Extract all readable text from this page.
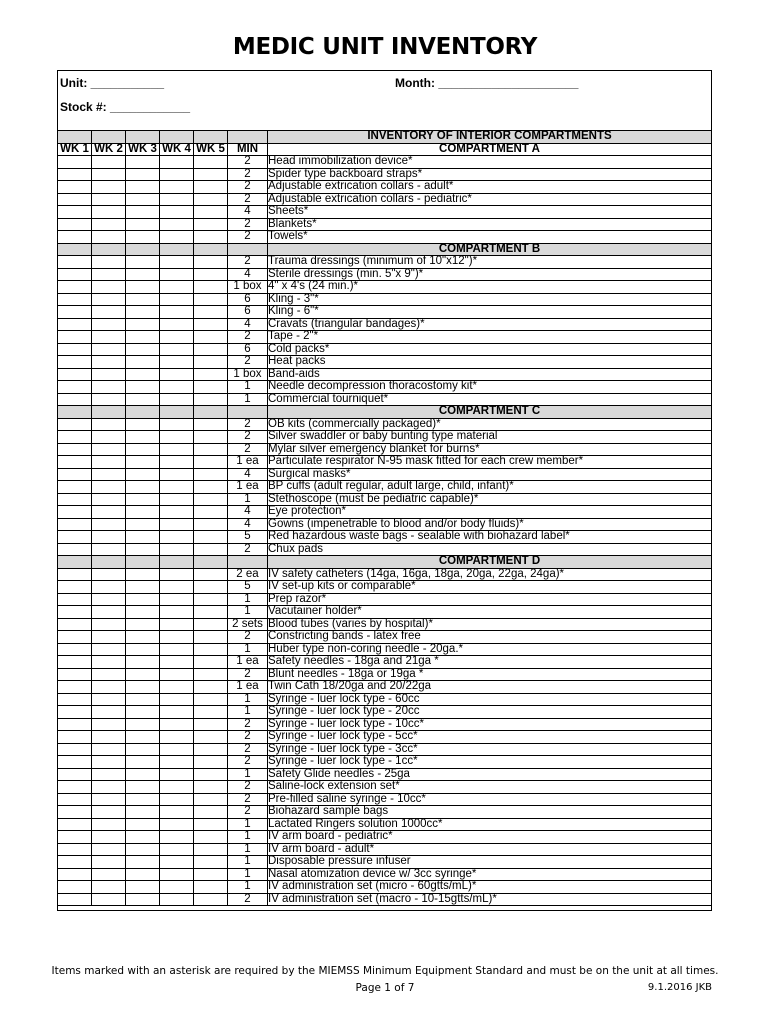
MEDIC UNIT INVENTORY
Unit: ___________	Month: _____________________
Stock #: ____________
						INVENTORY OF INTERIOR COMPARTMENTS
WK 1	WK 2	WK 3	WK 4	WK 5	MIN	COMPARTMENT A
					2	Head immobilization device*
					2	Spider type backboard straps*
					2	Adjustable extrication collars - adult*
					2	Adjustable extrication collars - pediatric*
					4	Sheets*
					2	Blankets*
					2	Towels*
						COMPARTMENT B
					2	Trauma dressings (minimum of 10"x12")*
					4	Sterile dressings (min. 5"x 9")*
					1 box	4" x 4's (24 min.)*
					6	Kling - 3"*
					6	Kling - 6"*
					4	Cravats (triangular bandages)*
					2	Tape - 2"*
					6	Cold packs*
					2	Heat packs
					1 box	Band-aids
					1	Needle decompression thoracostomy kit*
					1	Commercial tourniquet*
						COMPARTMENT C
					2	OB kits (commercially packaged)*
					2	Silver swaddler or baby bunting type material
					2	Mylar silver emergency blanket for burns*
					1 ea	Particulate respirator N-95 mask fitted for each crew member*
					4	Surgical masks*
					1 ea	BP cuffs (adult regular, adult large, child, infant)*
					1	Stethoscope (must be pediatric capable)*
					4	Eye protection*
					4	Gowns (impenetrable to blood and/or body fluids)*
					5	Red hazardous waste bags - sealable with biohazard label*
					2	Chux pads
						COMPARTMENT D
					2 ea	IV safety catheters (14ga, 16ga, 18ga, 20ga, 22ga, 24ga)*
					5	IV set-up kits or comparable*
					1	Prep razor*
					1	Vacutainer holder*
					2 sets	Blood tubes (varies by hospital)*
					2	Constricting bands - latex free
					1	Huber type non-coring needle - 20ga.*
					1 ea	Safety needles - 18ga and 21ga *
					2	Blunt needles - 18ga or 19ga *
					1 ea	Twin Cath 18/20ga and 20/22ga
					1	Syringe - luer lock type - 60cc
					1	Syringe - luer lock type - 20cc
					2	Syringe - luer lock type - 10cc*
					2	Syringe - luer lock type - 5cc*
					2	Syringe - luer lock type - 3cc*
					2	Syringe - luer lock type - 1cc*
					1	Safety Glide needles - 25ga
					2	Saline-lock extension set*
					2	Pre-filled saline syringe - 10cc*
					2	Biohazard sample bags
					1	Lactated Ringers solution 1000cc*
					1	IV arm board - pediatric*
					1	IV arm board - adult*
					1	Disposable pressure infuser
					1	Nasal atomization device w/ 3cc syringe*
					1	IV administration set (micro - 60gtts/mL)*
					2	IV administration set (macro - 10-15gtts/mL)*
Items marked with an asterisk are required by the MIEMSS Minimum Equipment Standard and must be on the unit at all times.
Page 1 of 7	9.1.2016 JKB
